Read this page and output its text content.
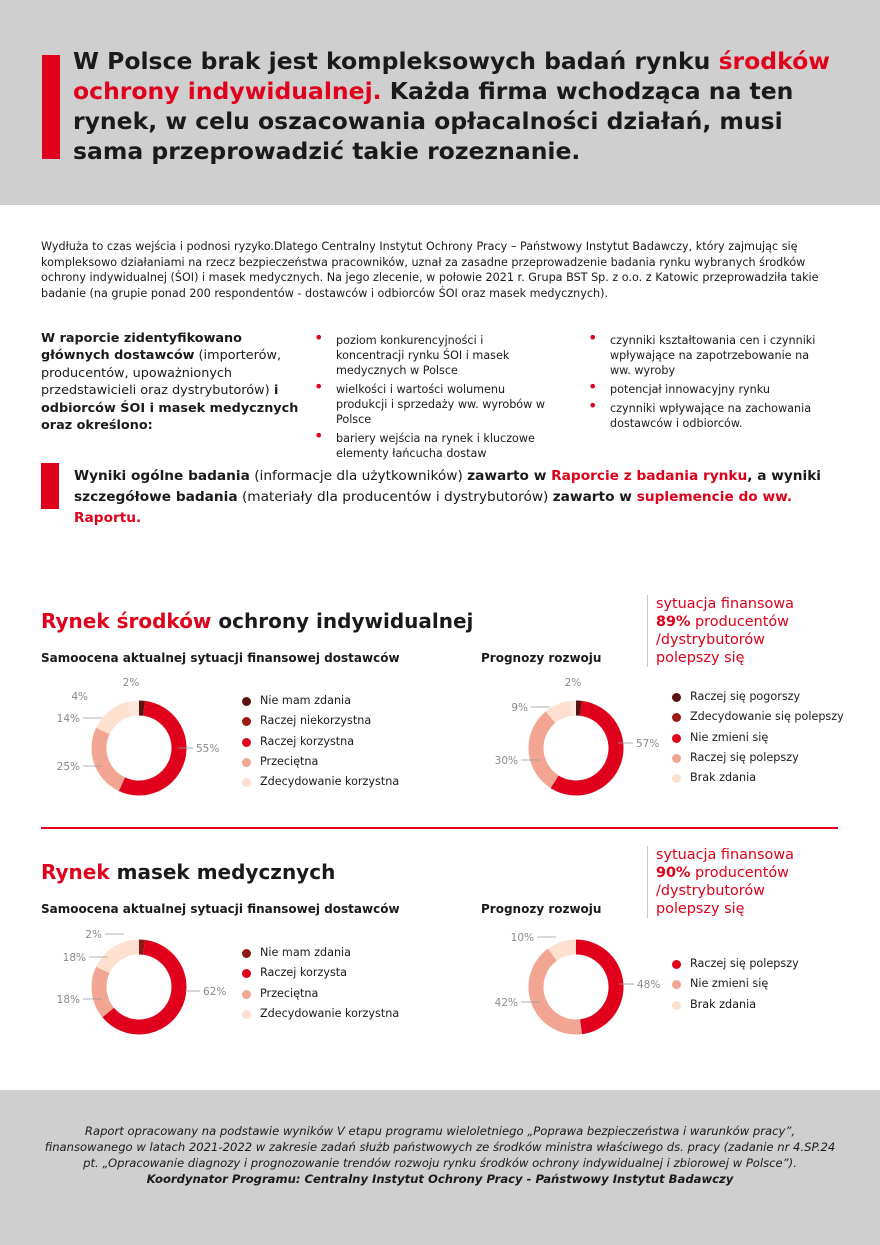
W Polsce brak jest kompleksowych badań rynku środków ochrony indywidualnej. Każda firma wchodząca na ten rynek, w celu oszacowania opłacalności działań, musi sama przeprowadzić takie rozeznanie.

Wydłuża to czas wejścia i podnosi ryzyko.Dlatego Centralny Instytut Ochrony Pracy – Państwowy Instytut Badawczy, który zajmując się kompleksowo działaniami na rzecz bezpieczeństwa pracowników, uznał za zasadne przeprowadzenie badania rynku wybranych środków ochrony indywidualnej (ŚOI) i masek medycznych. Na jego zlecenie, w połowie 2021 r. Grupa BST Sp. z o.o. z Katowic przeprowadziła takie badanie (na grupie ponad 200 respondentów - dostawców i odbiorców ŚOI oraz masek medycznych).

W raporcie zidentyfikowano głównych dostawców (importerów, producentów, upoważnionych przedstawicieli oraz dystrybutorów) i odbiorców ŚOI i masek medycznych oraz określono:
• poziom konkurencyjności i koncentracji rynku ŚOI i masek medycznych w Polsce
• wielkości i wartości wolumenu produkcji i sprzedaży ww. wyrobów w Polsce
• bariery wejścia na rynek i kluczowe elementy łańcucha dostaw
• czynniki kształtowania cen i czynniki wpływające na zapotrzebowanie na ww. wyroby
• potencjał innowacyjny rynku
• czynniki wpływające na zachowania dostawców i odbiorców.

Wyniki ogólne badania (informacje dla użytkowników) zawarto w Raporcie z badania rynku, a wyniki szczegółowe badania (materiały dla producentów i dystrybutorów) zawarto w suplemencie do ww. Raportu.

Rynek środków ochrony indywidualnej
sytuacja finansowa
89% producentów
/dystrybutorów
polepszy się

Samoocena aktualnej sytuacji finansowej dostawców

2%
55%
25%
14%
4%	Nie mam zdania
Raczej niekorzystna
Raczej korzystna
Przeciętna
Zdecydowanie korzystna

Prognozy rozwoju

2%
57%
30%
9%
Raczej się pogorszy
Zdecydowanie się polepszy
Nie zmieni się
Raczej się polepszy
Brak zdania
Rynek masek medycznych
sytuacja finansowa
90% producentów
/dystrybutorów
polepszy się

Samoocena aktualnej sytuacji finansowej dostawców

2%
62%
18%
18%	Nie mam zdania
Raczej korzysta
Przeciętna
Zdecydowanie korzystna

Prognozy rozwoju

48%
42%
10%
Raczej się polepszy
Nie zmieni się
Brak zdania

Raport opracowany na podstawie wyników V etapu programu wieloletniego „Poprawa bezpieczeństwa i warunków pracy”, finansowanego w latach 2021-2022 w zakresie zadań służb państwowych ze środków ministra właściwego ds. pracy (zadanie nr 4.SP.24 pt. „Opracowanie diagnozy i prognozowanie trendów rozwoju rynku środków ochrony indywidualnej i zbiorowej w Polsce”).
Koordynator Programu: Centralny Instytut Ochrony Pracy - Państwowy Instytut Badawczy
